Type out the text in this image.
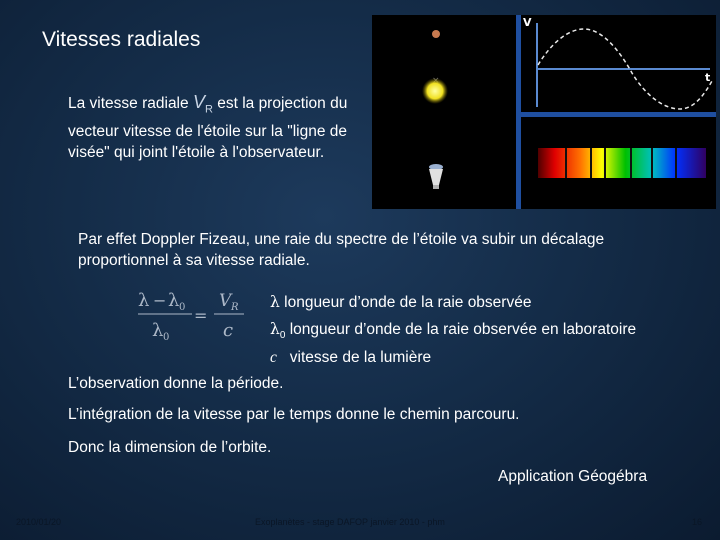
Vitesses radiales
La vitesse radiale $V_R$ est la projection du vecteur vitesse de l'étoile sur la "ligne de visée" qui joint l'étoile à l'observateur.
V
t
Par effet Doppler Fizeau, une raie du spectre de l’étoile va subir un décalage proportionnel à sa vitesse radiale.
λ − λ 0
λ 0
=
V R
c
λ longueur d’onde de la raie observée
$\lambda_0$ longueur d’onde de la raie observée en laboratoire
c   vitesse de la lumière
L’observation donne la période.
L’intégration de la vitesse par le temps donne le chemin parcouru.
Donc la dimension de l’orbite.
Application Géogébra
2010/01/20	Exoplanètes - stage DAFOP janvier 2010 - phm	16
